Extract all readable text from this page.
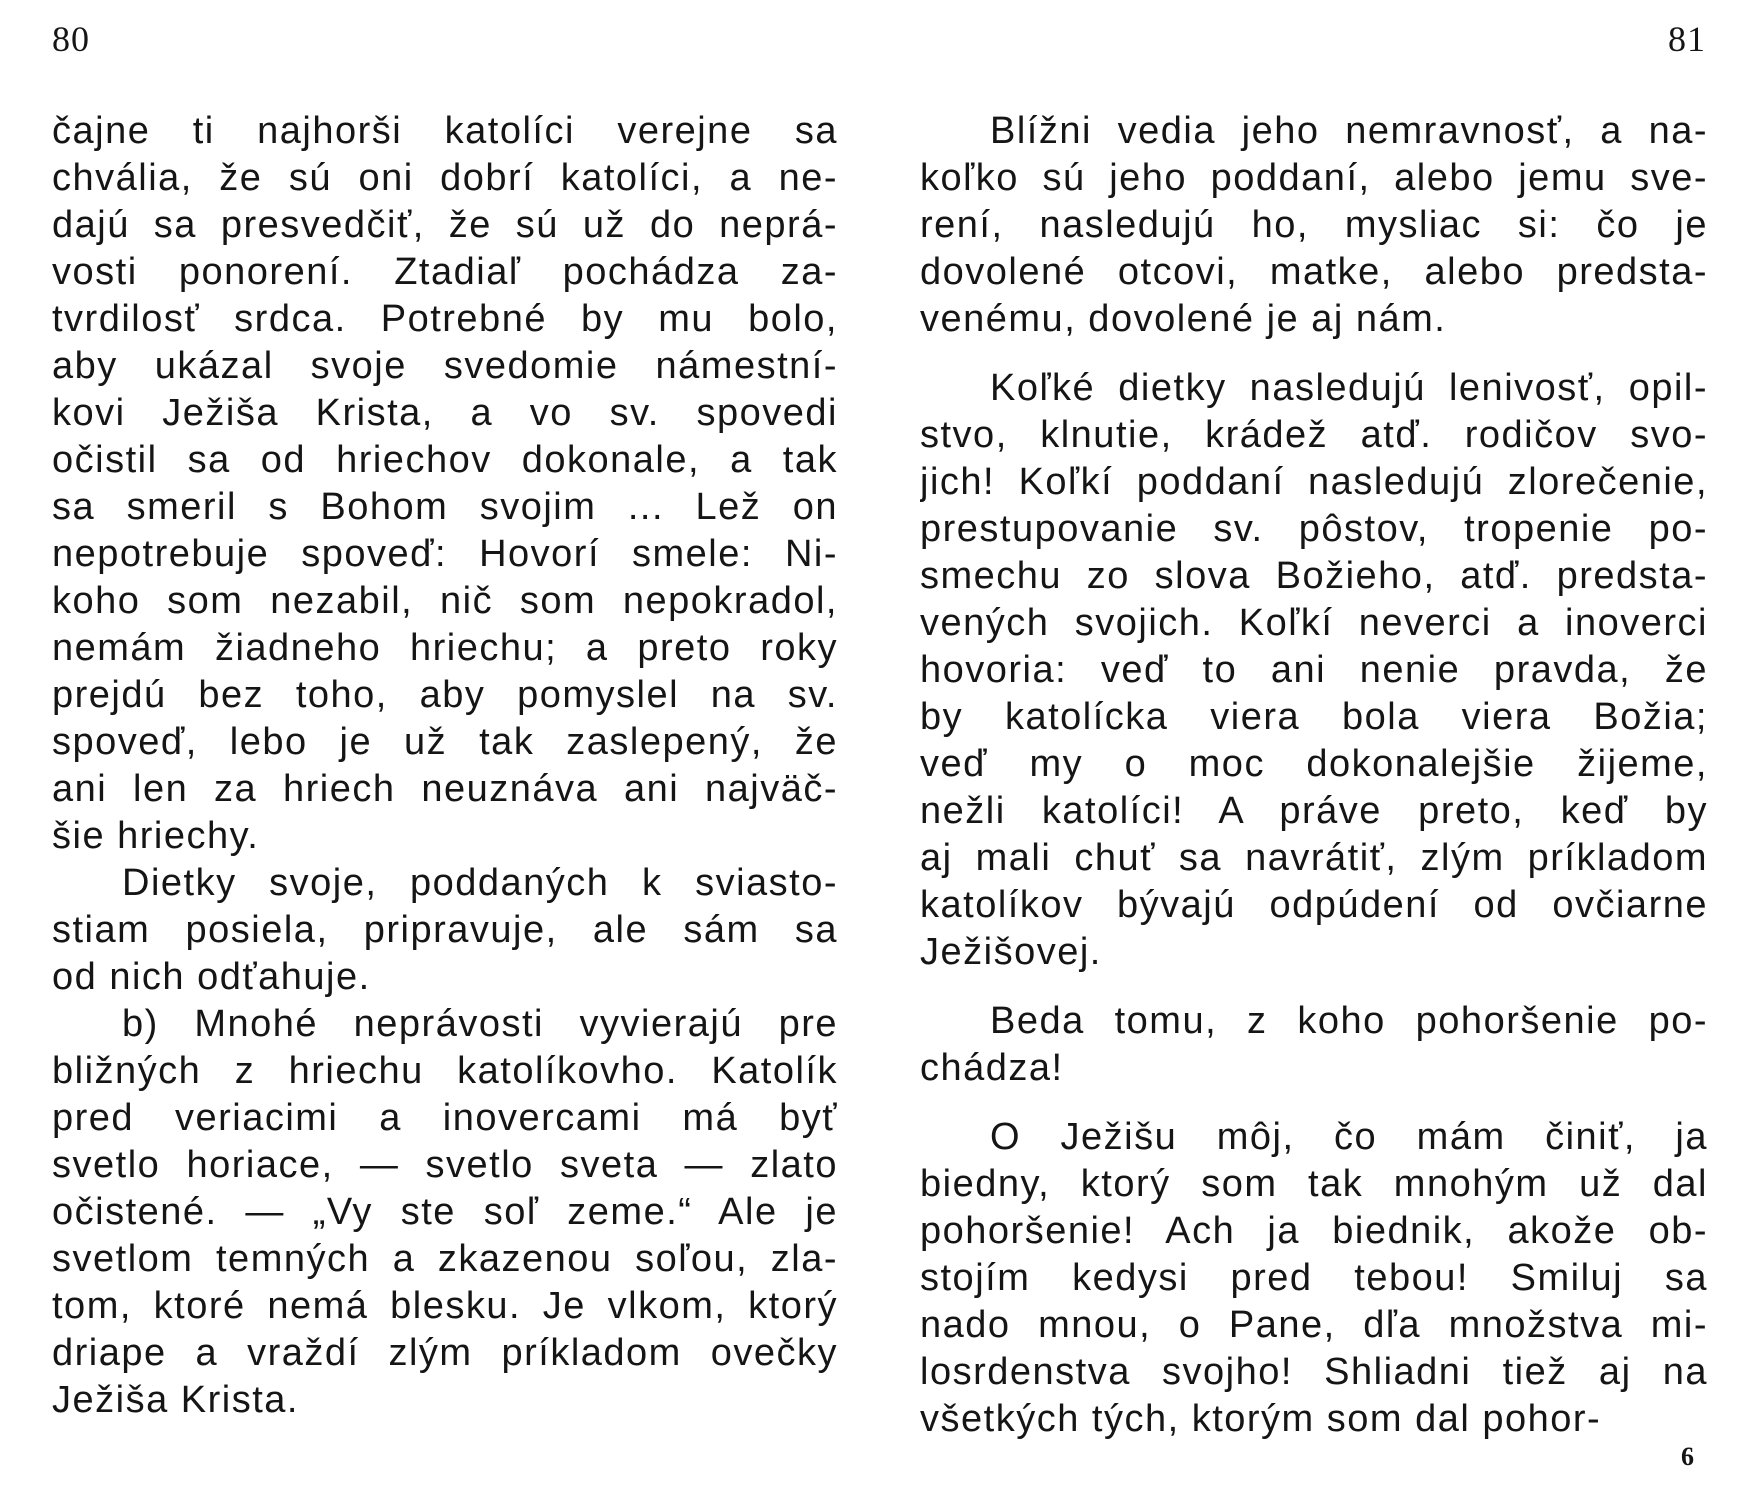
80	81
čajne ti najhorši katolíci verejne sa
chvália, že sú oni dobrí katolíci, a ne-
dajú sa presvedčiť, že sú už do neprá-
vosti ponorení. Ztadiaľ pochádza za-
tvrdilosť srdca. Potrebné by mu bolo,
aby ukázal svoje svedomie námestní-
kovi Ježiša Krista, a vo sv. spovedi
očistil sa od hriechov dokonale, a tak
sa smeril s Bohom svojim ... Lež on
nepotrebuje spoveď: Hovorí smele: Ni-
koho som nezabil, nič som nepokradol,
nemám žiadneho hriechu; a preto roky
prejdú bez toho, aby pomyslel na sv.
spoveď, lebo je už tak zaslepený, že
ani len za hriech neuznáva ani najväč-
šie hriechy.
Dietky svoje, poddaných k sviasto-
stiam posiela, pripravuje, ale sám sa
od nich odťahuje.
b) Mnohé neprávosti vyvierajú pre
bližných z hriechu katolíkovho. Katolík
pred veriacimi a inovercami má byť
svetlo horiace, — svetlo sveta — zlato
očistené. — „Vy ste soľ zeme.“ Ale je
svetlom temných a zkazenou soľou, zla-
tom, ktoré nemá blesku. Je vlkom, ktorý
driape a vraždí zlým príkladom ovečky
Ježiša Krista.
Blížni vedia jeho nemravnosť, a na-
koľko sú jeho poddaní, alebo jemu sve-
rení, nasledujú ho, mysliac si: čo je
dovolené otcovi, matke, alebo predsta-
venému, dovolené je aj nám.
Koľké dietky nasledujú lenivosť, opil-
stvo, klnutie, krádež atď. rodičov svo-
jich! Koľkí poddaní nasledujú zlorečenie,
prestupovanie sv. pôstov, tropenie po-
smechu zo slova Božieho, atď. predsta-
vených svojich. Koľkí neverci a inoverci
hovoria: veď to ani nenie pravda, že
by katolícka viera bola viera Božia;
veď my o moc dokonalejšie žijeme,
nežli katolíci! A práve preto, keď by
aj mali chuť sa navrátiť, zlým príkladom
katolíkov bývajú odpúdení od ovčiarne
Ježišovej.
Beda tomu, z koho pohoršenie po-
chádza!
O Ježišu môj, čo mám činiť, ja
biedny, ktorý som tak mnohým už dal
pohoršenie! Ach ja biednik, akože ob-
stojím kedysi pred tebou! Smiluj sa
nado mnou, o Pane, dľa množstva mi-
losrdenstva svojho! Shliadni tiež aj na
všetkých tých, ktorým som dal pohor-
6
